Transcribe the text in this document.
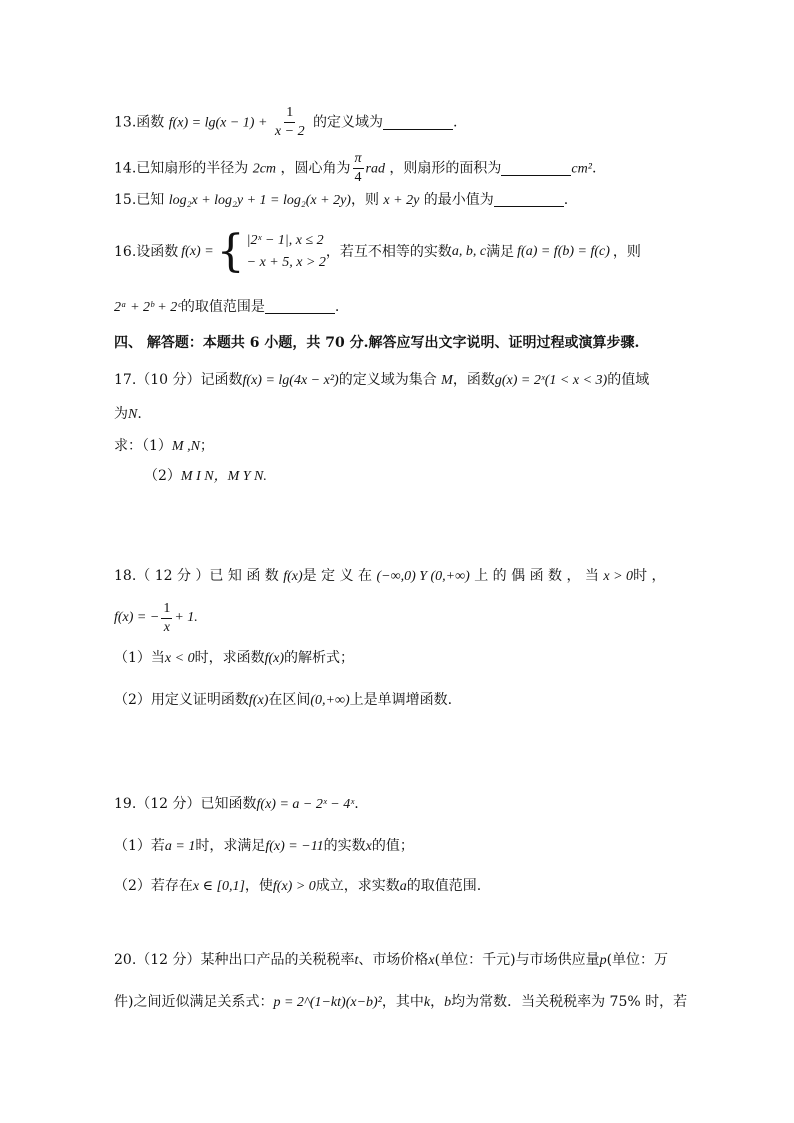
13.函数 $f(x) = \lg(x - 1) + \frac{1}{x - 2}$ 的定义域为	.
14.已知扇形的半径为 2cm ，圆心角为 $\frac{\pi}{4}$ rad ，则扇形的面积为	cm².
15.已知 log₂x + log₂y + 1 = log₂(x + 2y)，则 x + 2y 的最小值为	.
16. 设函数 f(x) = { |2ˣ − 1|, x ≤ 2
− x + 5, x > 2
，若互不相等的实数 a, b, c 满足 f(a) = f(b) = f(c) ，则
2ᵃ + 2ᵇ + 2ᶜ的取值范围是	.
四、 解答题：本题共 6 小题，共 70 分.解答应写出文字说明、证明过程或演算步骤.
17.（10 分）记函数f(x) = lg(4x − x²)的定义域为集合 M，函数g(x) = 2ˣ(1 < x < 3)的值域
为N.
求：（1）M ,N；
（2）M I N，M Y N.
18.（ 12 分 ）已 知 函 数 f(x)是 定 义 在 (−∞,0) Y (0,+∞) 上 的 偶 函 数 ， 当 x > 0时 ，
f(x) = − $\frac{1}{x} + 1$.
（1）当x < 0时，求函数f(x)的解析式；
（2）用定义证明函数f(x)在区间(0,+∞)上是单调增函数.
19.（12 分）已知函数f(x) = a − 2ˣ − 4ˣ.
（1）若a = 1时，求满足f(x) = −11的实数x的值；
（2）若存在x ∈ [0,1]，使f(x) > 0成立，求实数a的取值范围.
20.（12 分）某种出口产品的关税税率t、市场价格x(单位：千元)与市场供应量p(单位：万
件)之间近似满足关系式：p = 2^(1−kt)(x−b)²，其中k，b均为常数．当关税税率为 75% 时，若
